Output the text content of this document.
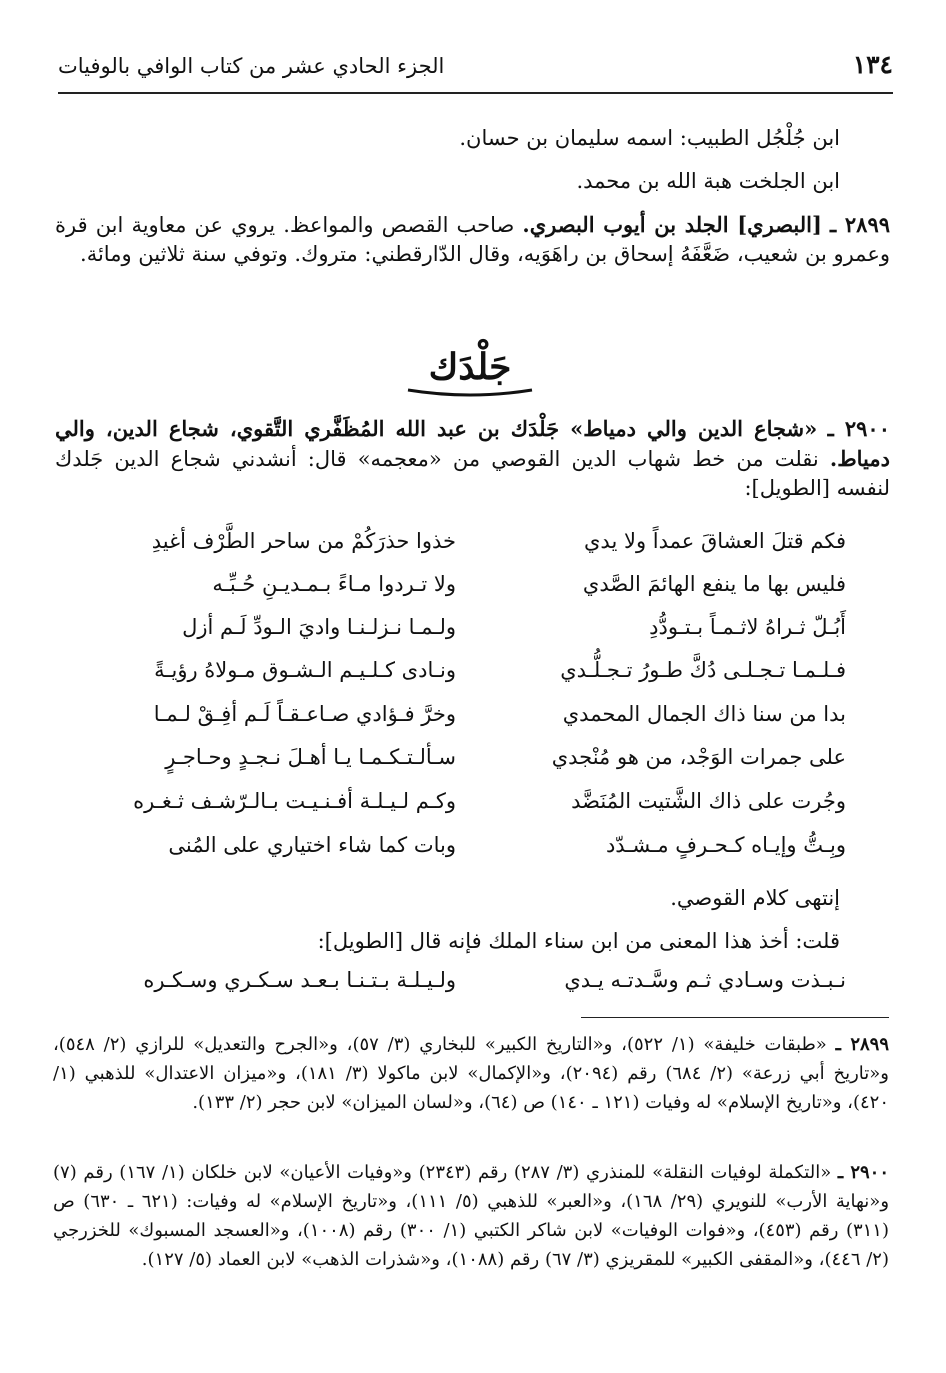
١٣٤
الجزء الحادي عشر من كتاب الوافي بالوفيات
ابن جُلْجُل الطبيب: اسمه سليمان بن حسان.
ابن الجلخت هبة الله بن محمد.
٢٨٩٩ ـ [البصري] الجلد بن أيوب البصري. صاحب القصص والمواعظ. يروي عن معاوية ابن قرة وعمرو بن شعيب، ضَعَّفَهُ إسحاق بن راهَوَيه، وقال الدّارقطني: متروك. وتوفي سنة ثلاثين ومائة.
جَلْدَك
٢٩٠٠ ـ «شجاع الدين والي دمياط» جَلْدَك بن عبد الله المُظَفَّري التَّقوي، شجاع الدين، والي دمياط. نقلت من خط شهاب الدين القوصي من «معجمه» قال: أنشدني شجاع الدين جَلدك لنفسه [الطويل]:
خذوا حذرَكُمْ من ساحر الطَّرْف أغيدِ	فكم قتلَ العشاقَ عمداً ولا يدي
ولا تـردوا مـاءً بـمـديـنِ حُـبِّـه	فليس بها ما ينفع الهائمَ الصَّدي
ولـمـا نـزلـنـا واديَ الـودِّ لَـم أزل	أَبُـلّ ثـراهُ لاثـمـاً بـتـودُّدِ
ونـادى كـلـيـم الـشـوق مـولاهُ رؤيـةً	فـلـمـا تـجـلـى دُكَّ طـورُ تـجـلُّـدي
وخرَّ فـؤادي صـاعـقـاً لَـم أفِـقْ لـمـا	بدا من سنا ذاك الجمال المحمدي
سـألـتـكـمـا يـا أهـلَ نـجـدٍ وحـاجـرٍ	على جمرات الوَجْد، من هو مُنْجدي
وكـم لـيـلـة أفـنـيـت بـالـرّشـف ثـغـره	وجُرت على ذاك الشَّتيت المُنَضَّد
وبات كما شاء اختياري على المُنى	وبِـتُّ وإيـاه كـحـرفٍ مـشـدّد
إنتهى كلام القوصي.
قلت: أخذ هذا المعنى من ابن سناء الملك فإنه قال [الطويل]:
ولـيـلـة بـتـنـا بـعـد سـكـري وسـكـره	نـبـذت وسـادي ثـم وسَّـدتـه يـدي
٢٨٩٩ ـ «طبقات خليفة» (١/ ٥٢٢)، و«التاريخ الكبير» للبخاري (٣/ ٥٧)، و«الجرح والتعديل» للرازي (٢/ ٥٤٨)، و«تاريخ أبي زرعة» (٢/ ٦٨٤) رقم (٢٠٩٤)، و«الإكمال» لابن ماكولا (٣/ ١٨١)، و«ميزان الاعتدال» للذهبي (١/ ٤٢٠)، و«تاريخ الإسلام» له وفيات (١٢١ ـ ١٤٠) ص (٦٤)، و«لسان الميزان» لابن حجر (٢/ ١٣٣).
٢٩٠٠ ـ «التكملة لوفيات النقلة» للمنذري (٣/ ٢٨٧) رقم (٢٣٤٣) و«وفيات الأعيان» لابن خلكان (١/ ١٦٧) رقم (٧) و«نهاية الأرب» للنويري (٢٩/ ١٦٨)، و«العبر» للذهبي (٥/ ١١١)، و«تاريخ الإسلام» له وفيات: (٦٢١ ـ ٦٣٠) ص (٣١١) رقم (٤٥٣)، و«فوات الوفيات» لابن شاكر الكتبي (١/ ٣٠٠) رقم (١٠٠٨)، و«العسجد المسبوك» للخزرجي (٢/ ٤٤٦)، و«المقفى الكبير» للمقريزي (٣/ ٦٧) رقم (١٠٨٨)، و«شذرات الذهب» لابن العماد (٥/ ١٢٧).
